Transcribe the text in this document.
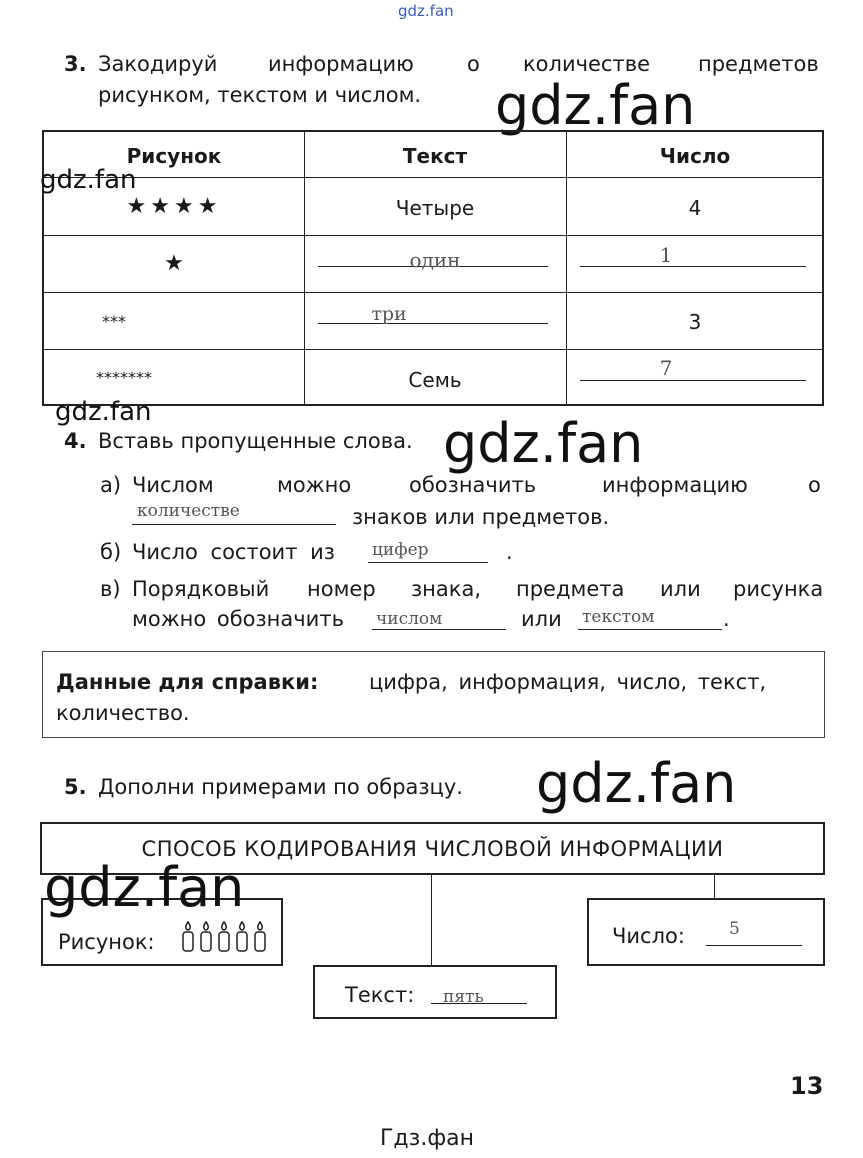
gdz.fan
3. Закодируй информацию	о количестве предметов
рисунком, текстом и числом. gdz.fan
Рисунок	Текст	Число
★★★★	Четыре	4
★	один	1
***	три	3
*******	Семь	7
gdz.fan
gdz.fan
4. Вставь пропущенные слова. gdz.fan
а) Числом	можно	обозначить	информацию	о
количестве	знаков или предметов.
б) Число состоит из цифер	.
в) Порядковый номер знака, предмета или рисунка
можно обозначить числом	или текстом	.
Данные для справки: цифра, информация, число, текст,
количество.
5. Дополни примерами по образцу. gdz.fan
СПОСОБ КОДИРОВАНИЯ ЧИСЛОВОЙ ИНФОРМАЦИИ
Рисунок:
gdz.fan
Число:	5
Текст: пять
13
Гдз.фан
